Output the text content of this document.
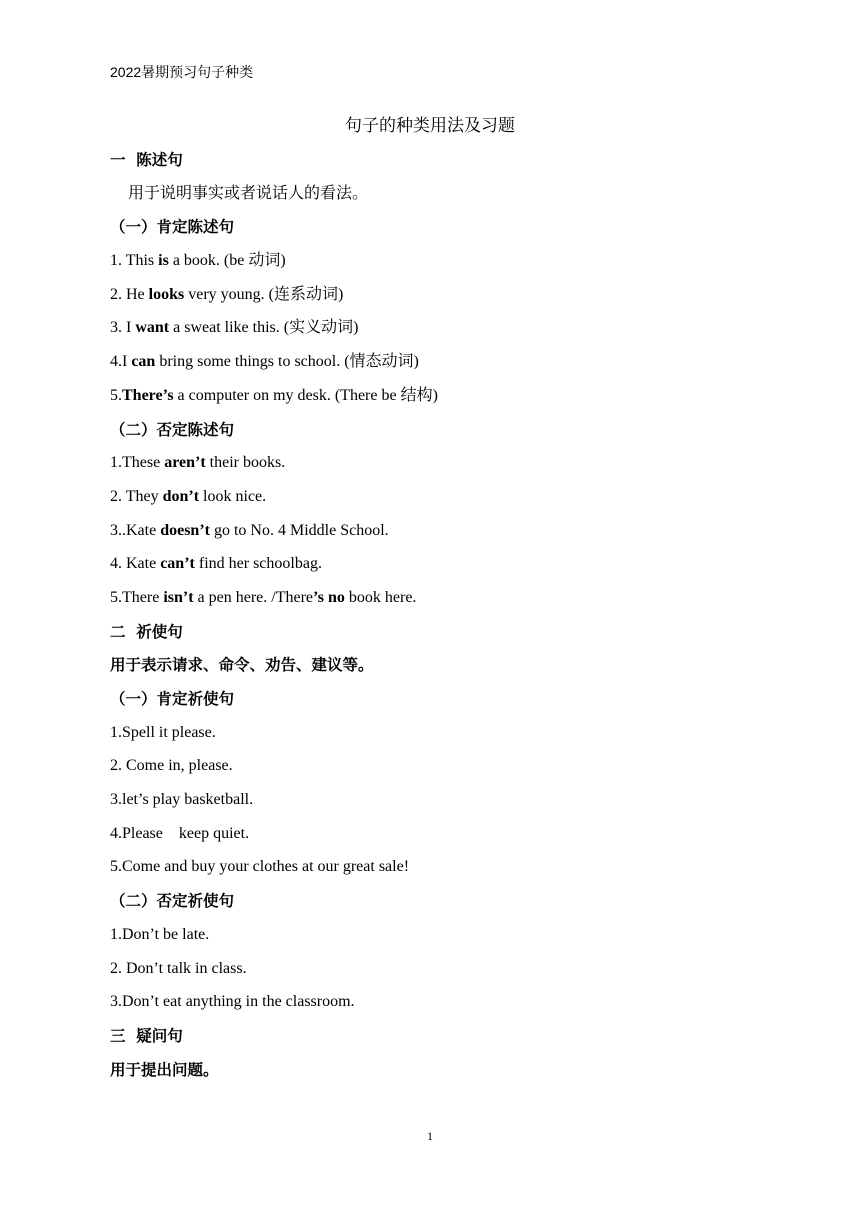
2022暑期预习句子种类
句子的种类用法及习题
一  陈述句
用于说明事实或者说话人的看法。
（一）肯定陈述句
1. This is a book. (be 动词)
2. He looks very young. (连系动词)
3. I want a sweat like this. (实义动词)
4.I can bring some things to school. (情态动词)
5.There’s a computer on my desk. (There be 结构)
（二）否定陈述句
1.These aren’t their books.
2. They don’t look nice.
3..Kate doesn’t go to No. 4 Middle School.
4. Kate can’t find her schoolbag.
5.There isn’t a pen here. /There’s no book here.
二  祈使句
用于表示请求、命令、劝告、建议等。
（一）肯定祈使句
1.Spell it please.
2. Come in, please.
3.let’s play basketball.
4.Please    keep quiet.
5.Come and buy your clothes at our great sale!
（二）否定祈使句
1.Don’t be late.
2. Don’t talk in class.
3.Don’t eat anything in the classroom.
三  疑问句
用于提出问题。
1
